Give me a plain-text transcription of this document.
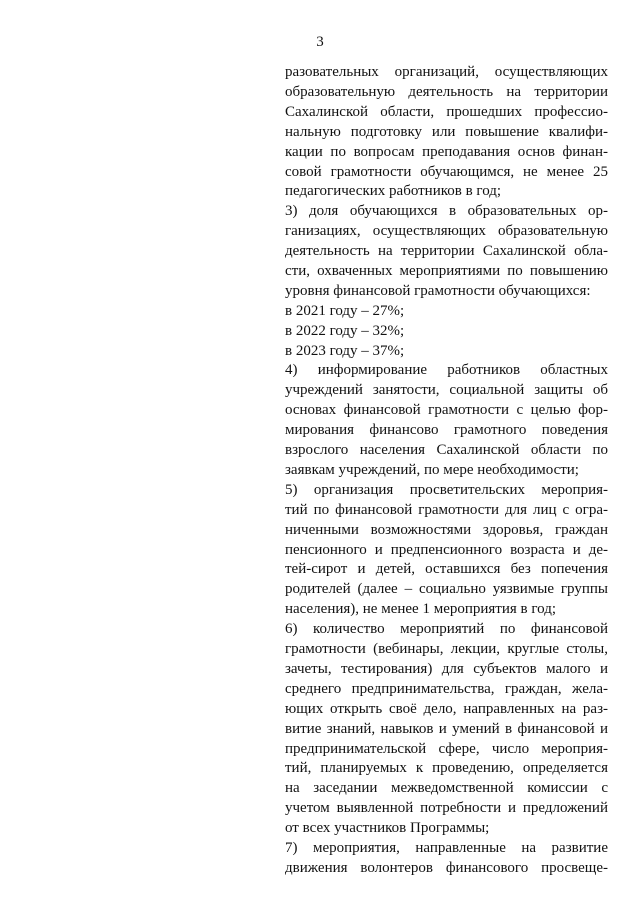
3
разовательных организаций, осуществляющих
образовательную деятельность на территории
Сахалинской области, прошедших профессио-
нальную подготовку или повышение квалифи-
кации по вопросам преподавания основ финан-
совой грамотности обучающимся, не менее 25
педагогических работников в год;
3) доля обучающихся в образовательных ор-
ганизациях, осуществляющих образовательную
деятельность на территории Сахалинской обла-
сти, охваченных мероприятиями по повышению
уровня финансовой грамотности обучающихся:
в 2021 году – 27%;
в 2022 году – 32%;
в 2023 году – 37%;
4) информирование работников областных
учреждений занятости, социальной защиты об
основах финансовой грамотности с целью фор-
мирования финансово грамотного поведения
взрослого населения Сахалинской области по
заявкам учреждений, по мере необходимости;
5) организация просветительских мероприя-
тий по финансовой грамотности для лиц с огра-
ниченными возможностями здоровья, граждан
пенсионного и предпенсионного возраста и де-
тей-сирот и детей, оставшихся без попечения
родителей (далее – социально уязвимые группы
населения), не менее 1 мероприятия в год;
6) количество мероприятий по финансовой
грамотности (вебинары, лекции, круглые столы,
зачеты, тестирования) для субъектов малого и
среднего предпринимательства, граждан, жела-
ющих открыть своё дело, направленных на раз-
витие знаний, навыков и умений в финансовой и
предпринимательской сфере, число мероприя-
тий, планируемых к проведению, определяется
на заседании межведомственной комиссии с
учетом выявленной потребности и предложений
от всех участников Программы;
7) мероприятия, направленные на развитие
движения волонтеров финансового просвеще-
